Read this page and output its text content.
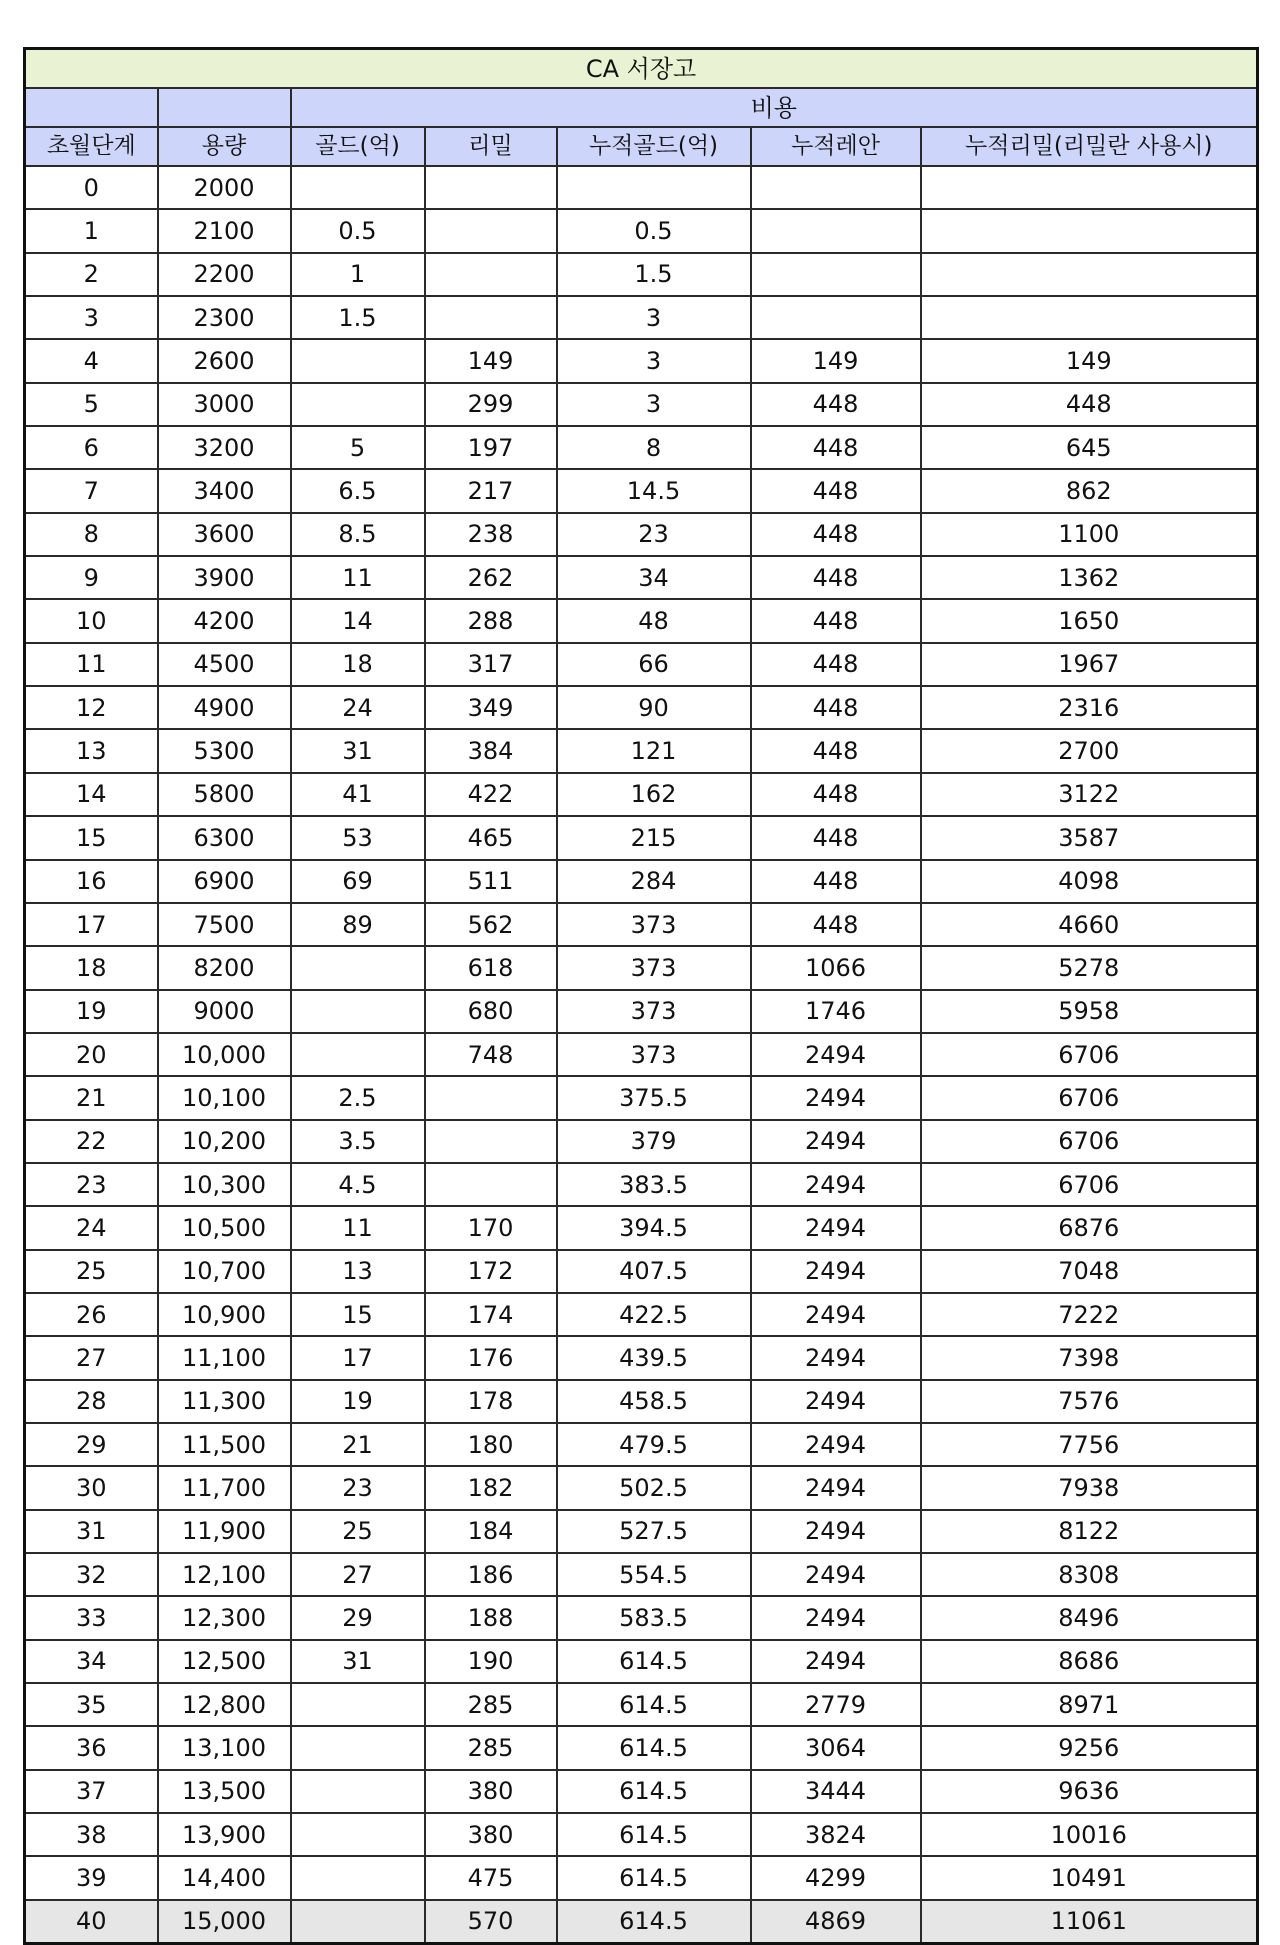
CA 서장고						
		비용				
초월단계	용량	골드(억)	리밀	누적골드(억)	누적레안	누적리밀(리밀란 사용시)
0	2000					
1	2100	0.5		0.5		
2	2200	1		1.5		
3	2300	1.5		3		
4	2600		149	3	149	149
5	3000		299	3	448	448
6	3200	5	197	8	448	645
7	3400	6.5	217	14.5	448	862
8	3600	8.5	238	23	448	1100
9	3900	11	262	34	448	1362
10	4200	14	288	48	448	1650
11	4500	18	317	66	448	1967
12	4900	24	349	90	448	2316
13	5300	31	384	121	448	2700
14	5800	41	422	162	448	3122
15	6300	53	465	215	448	3587
16	6900	69	511	284	448	4098
17	7500	89	562	373	448	4660
18	8200		618	373	1066	5278
19	9000		680	373	1746	5958
20	10,000		748	373	2494	6706
21	10,100	2.5		375.5	2494	6706
22	10,200	3.5		379	2494	6706
23	10,300	4.5		383.5	2494	6706
24	10,500	11	170	394.5	2494	6876
25	10,700	13	172	407.5	2494	7048
26	10,900	15	174	422.5	2494	7222
27	11,100	17	176	439.5	2494	7398
28	11,300	19	178	458.5	2494	7576
29	11,500	21	180	479.5	2494	7756
30	11,700	23	182	502.5	2494	7938
31	11,900	25	184	527.5	2494	8122
32	12,100	27	186	554.5	2494	8308
33	12,300	29	188	583.5	2494	8496
34	12,500	31	190	614.5	2494	8686
35	12,800		285	614.5	2779	8971
36	13,100		285	614.5	3064	9256
37	13,500		380	614.5	3444	9636
38	13,900		380	614.5	3824	10016
39	14,400		475	614.5	4299	10491
40	15,000		570	614.5	4869	11061
